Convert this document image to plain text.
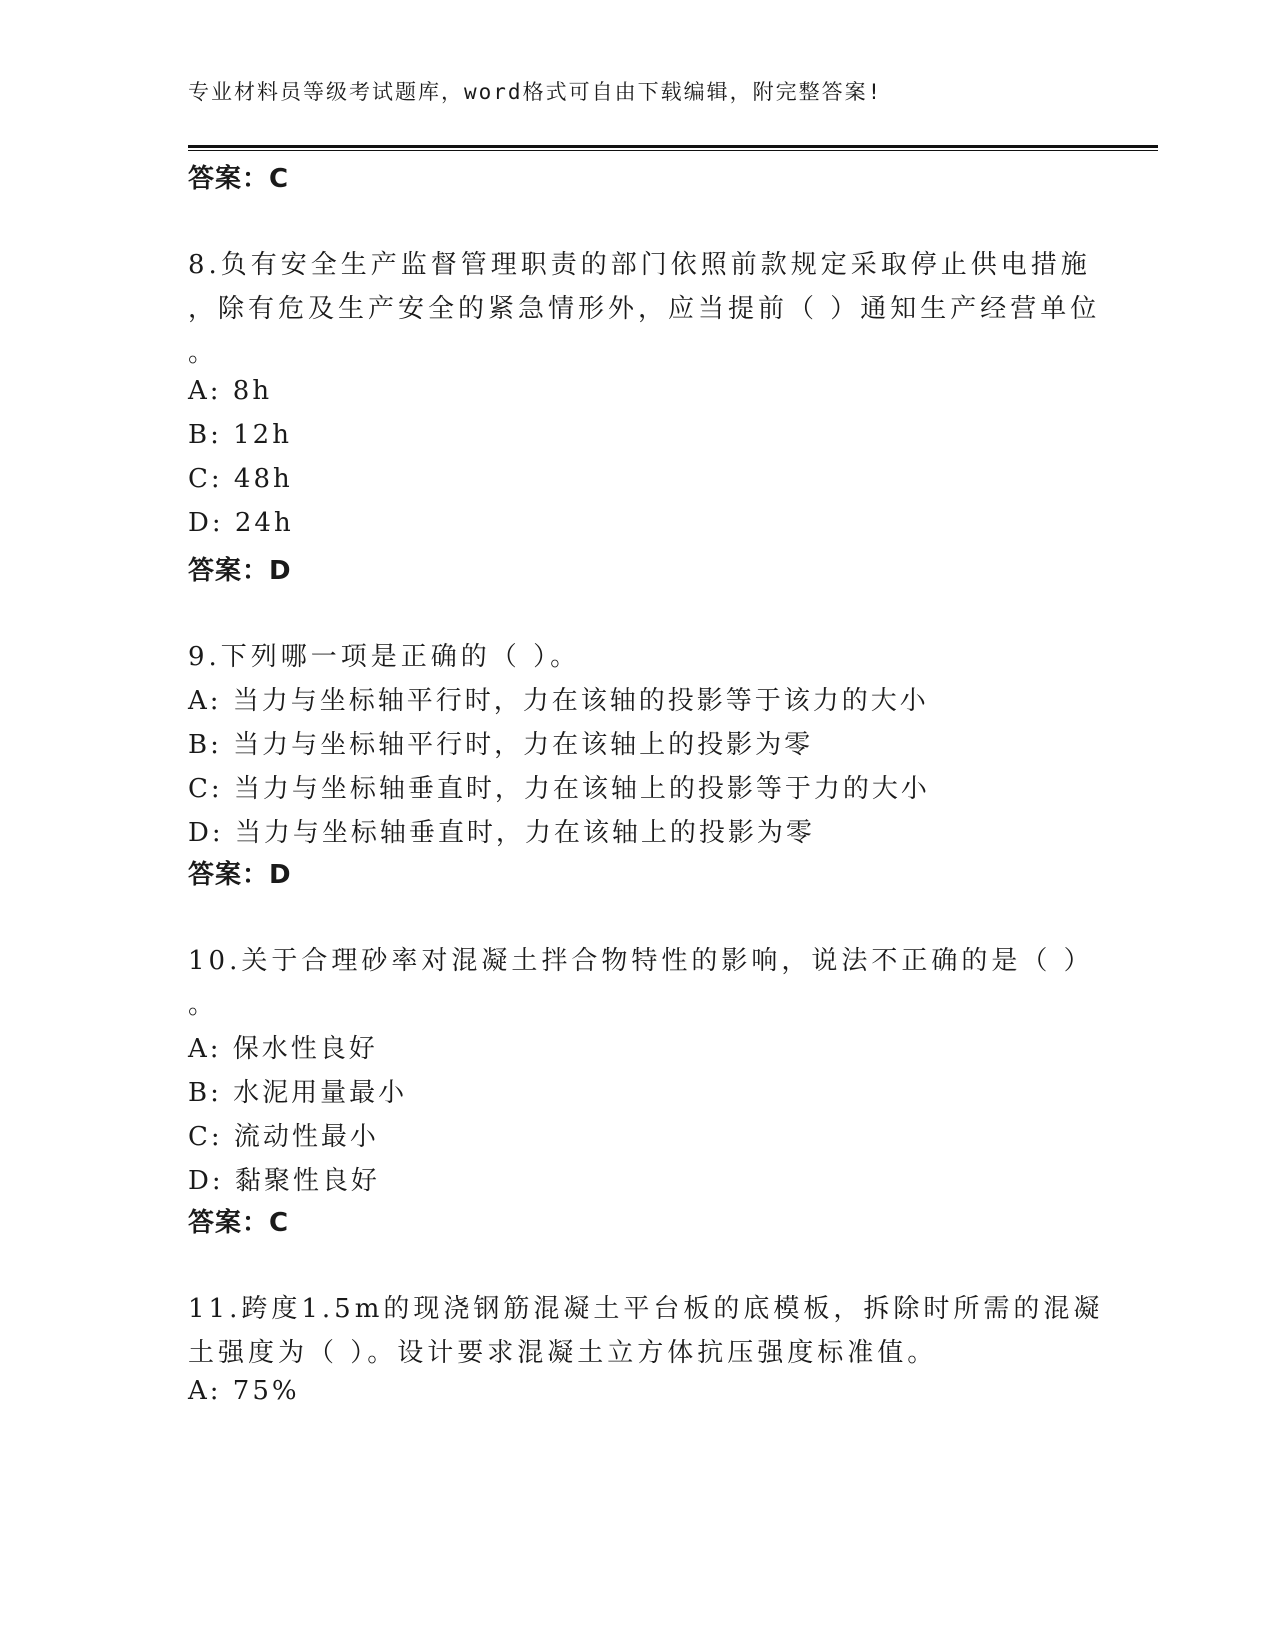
专业材料员等级考试题库，word格式可自由下载编辑，附完整答案!
答案：C
8.负有安全生产监督管理职责的部门依照前款规定采取停止供电措施
，除有危及生产安全的紧急情形外，应当提前（ ）通知生产经营单位
。
A: 8h
B: 12h
C: 48h
D: 24h
答案：D
9.下列哪一项是正确的（ ）。
A: 当力与坐标轴平行时，力在该轴的投影等于该力的大小
B: 当力与坐标轴平行时，力在该轴上的投影为零
C: 当力与坐标轴垂直时，力在该轴上的投影等于力的大小
D: 当力与坐标轴垂直时，力在该轴上的投影为零
答案：D
10.关于合理砂率对混凝土拌合物特性的影响，说法不正确的是（ ）
。
A: 保水性良好
B: 水泥用量最小
C: 流动性最小
D: 黏聚性良好
答案：C
11.跨度1.5m的现浇钢筋混凝土平台板的底模板，拆除时所需的混凝
土强度为（ ）。设计要求混凝土立方体抗压强度标准值。
A: 75%
